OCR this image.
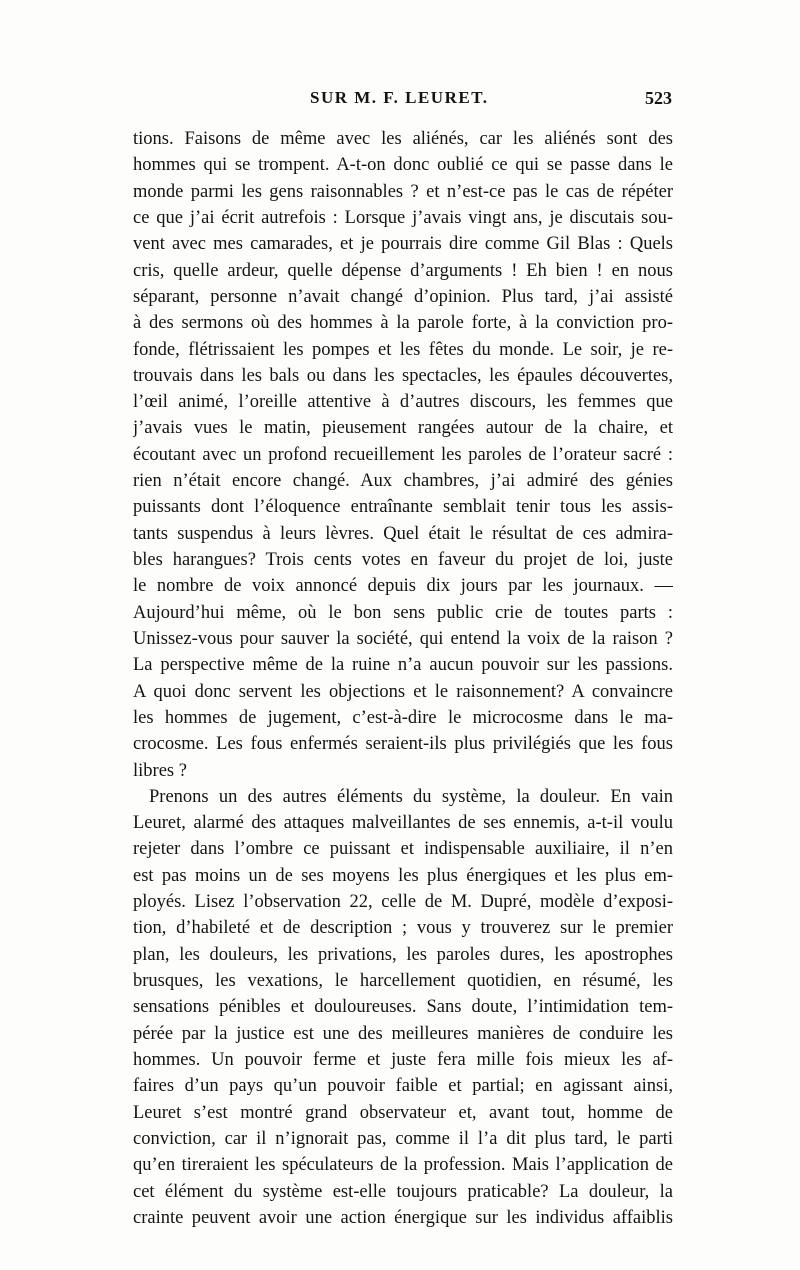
SUR M. F. LEURET.	523
tions. Faisons de même avec les aliénés, car les aliénés sont des
hommes qui se trompent. A-t-on donc oublié ce qui se passe dans le
monde parmi les gens raisonnables ? et n’est-ce pas le cas de répéter
ce que j’ai écrit autrefois : Lorsque j’avais vingt ans, je discutais sou-
vent avec mes camarades, et je pourrais dire comme Gil Blas : Quels
cris, quelle ardeur, quelle dépense d’arguments ! Eh bien ! en nous
séparant, personne n’avait changé d’opinion. Plus tard, j’ai assisté
à des sermons où des hommes à la parole forte, à la conviction pro-
fonde, flétrissaient les pompes et les fêtes du monde. Le soir, je re-
trouvais dans les bals ou dans les spectacles, les épaules découvertes,
l’œil animé, l’oreille attentive à d’autres discours, les femmes que
j’avais vues le matin, pieusement rangées autour de la chaire, et
écoutant avec un profond recueillement les paroles de l’orateur sacré :
rien n’était encore changé. Aux chambres, j’ai admiré des génies
puissants dont l’éloquence entraînante semblait tenir tous les assis-
tants suspendus à leurs lèvres. Quel était le résultat de ces admira-
bles harangues? Trois cents votes en faveur du projet de loi, juste
le nombre de voix annoncé depuis dix jours par les journaux. —
Aujourd’hui même, où le bon sens public crie de toutes parts :
Unissez-vous pour sauver la société, qui entend la voix de la raison ?
La perspective même de la ruine n’a aucun pouvoir sur les passions.
A quoi donc servent les objections et le raisonnement? A convaincre
les hommes de jugement, c’est-à-dire le microcosme dans le ma-
crocosme. Les fous enfermés seraient-ils plus privilégiés que les fous
libres ?
Prenons un des autres éléments du système, la douleur. En vain
Leuret, alarmé des attaques malveillantes de ses ennemis, a-t-il voulu
rejeter dans l’ombre ce puissant et indispensable auxiliaire, il n’en
est pas moins un de ses moyens les plus énergiques et les plus em-
ployés. Lisez l’observation 22, celle de M. Dupré, modèle d’exposi-
tion, d’habileté et de description ; vous y trouverez sur le premier
plan, les douleurs, les privations, les paroles dures, les apostrophes
brusques, les vexations, le harcellement quotidien, en résumé, les
sensations pénibles et douloureuses. Sans doute, l’intimidation tem-
pérée par la justice est une des meilleures manières de conduire les
hommes. Un pouvoir ferme et juste fera mille fois mieux les af-
faires d’un pays qu’un pouvoir faible et partial; en agissant ainsi,
Leuret s’est montré grand observateur et, avant tout, homme de
conviction, car il n’ignorait pas, comme il l’a dit plus tard, le parti
qu’en tireraient les spéculateurs de la profession. Mais l’application de
cet élément du système est-elle toujours praticable? La douleur, la
crainte peuvent avoir une action énergique sur les individus affaiblis
